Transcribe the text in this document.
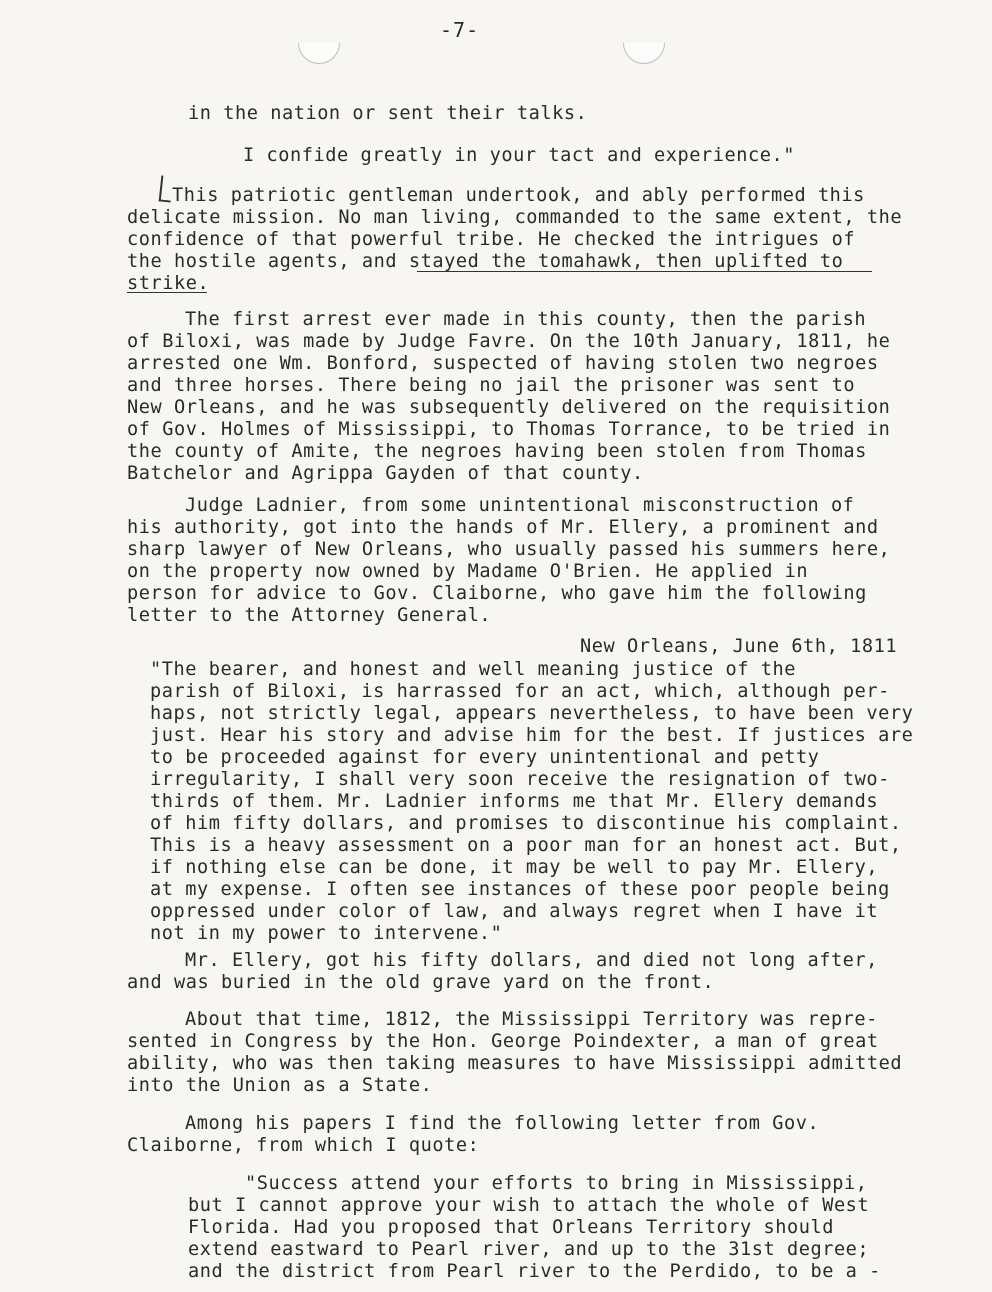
-7-
in the nation or sent their talks.
I confide greatly in your tact and experience."
This patriotic gentleman undertook, and ably performed this
delicate mission. No man living, commanded to the same extent, the
confidence of that powerful tribe. He checked the intrigues of
the hostile agents, and stayed the tomahawk, then uplifted to
strike.
The first arrest ever made in this county, then the parish
of Biloxi, was made by Judge Favre. On the 10th January, 1811, he
arrested one Wm. Bonford, suspected of having stolen two negroes
and three horses. There being no jail the prisoner was sent to
New Orleans, and he was subsequently delivered on the requisition
of Gov. Holmes of Mississippi, to Thomas Torrance, to be tried in
the county of Amite, the negroes having been stolen from Thomas
Batchelor and Agrippa Gayden of that county.
Judge Ladnier, from some unintentional misconstruction of
his authority, got into the hands of Mr. Ellery, a prominent and
sharp lawyer of New Orleans, who usually passed his summers here,
on the property now owned by Madame O'Brien. He applied in
person for advice to Gov. Claiborne, who gave him the following
letter to the Attorney General.
New Orleans, June 6th, 1811
"The bearer, and honest and well meaning justice of the
parish of Biloxi, is harrassed for an act, which, although per-
haps, not strictly legal, appears nevertheless, to have been very
just. Hear his story and advise him for the best. If justices are
to be proceeded against for every unintentional and petty
irregularity, I shall very soon receive the resignation of two-
thirds of them. Mr. Ladnier informs me that Mr. Ellery demands
of him fifty dollars, and promises to discontinue his complaint.
This is a heavy assessment on a poor man for an honest act. But,
if nothing else can be done, it may be well to pay Mr. Ellery,
at my expense. I often see instances of these poor people being
oppressed under color of law, and always regret when I have it
not in my power to intervene."
Mr. Ellery, got his fifty dollars, and died not long after,
and was buried in the old grave yard on the front.
About that time, 1812, the Mississippi Territory was repre-
sented in Congress by the Hon. George Poindexter, a man of great
ability, who was then taking measures to have Mississippi admitted
into the Union as a State.
Among his papers I find the following letter from Gov.
Claiborne, from which I quote:
"Success attend your efforts to bring in Mississippi,
but I cannot approve your wish to attach the whole of West
Florida. Had you proposed that Orleans Territory should
extend eastward to Pearl river, and up to the 31st degree;
and the district from Pearl river to the Perdido, to be a -
